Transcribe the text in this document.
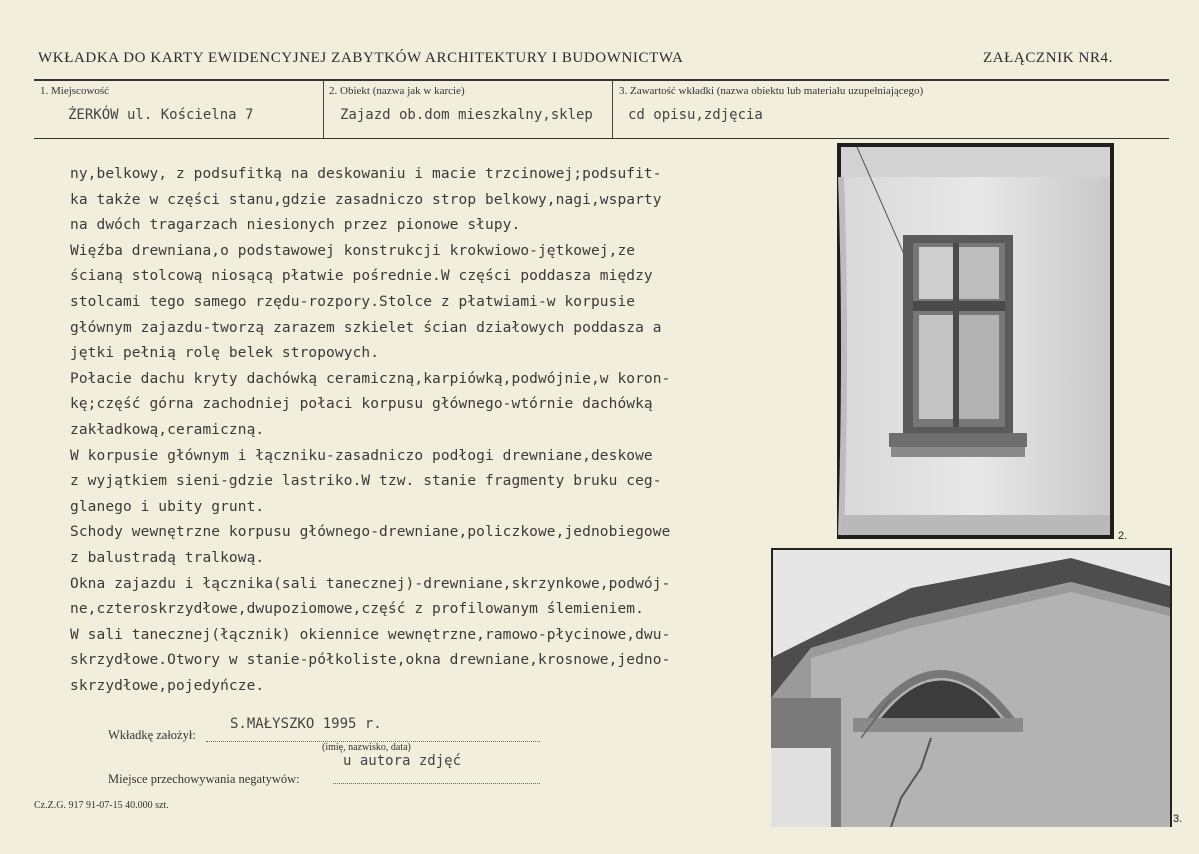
WKŁADKA DO KARTY EWIDENCYJNEJ ZABYTKÓW ARCHITEKTURY I BUDOWNICTWA	ZAŁĄCZNIK NR4.
1. Miejscowość
ŻERKÓW ul. Kościelna 7
2. Obiekt (nazwa jak w karcie)
Zajazd ob.dom mieszkalny,sklep
3. Zawartość wkładki (nazwa obiektu lub materiału uzupełniającego)
cd opisu,zdjęcia
ny,belkowy, z podsufitką na deskowaniu i macie trzcinowej;podsufit-
ka także w części stanu,gdzie zasadniczo strop belkowy,nagi,wsparty
na dwóch tragarzach niesionych przez pionowe słupy.
Więźba drewniana,o podstawowej konstrukcji krokwiowo-jętkowej,ze
ścianą stolcową niosącą płatwie pośrednie.W części poddasza między
stolcami tego samego rzędu-rozpory.Stolce z płatwiami-w korpusie
głównym zajazdu-tworzą zarazem szkielet ścian działowych poddasza a
jętki pełnią rolę belek stropowych.
Połacie dachu kryty dachówką ceramiczną,karpiówką,podwójnie,w koron-
kę;część górna zachodniej połaci korpusu głównego-wtórnie dachówką
zakładkową,ceramiczną.
W korpusie głównym i łączniku-zasadniczo podłogi drewniane,deskowe
z wyjątkiem sieni-gdzie lastriko.W tzw. stanie fragmenty bruku ceg-
glanego i ubity grunt.
Schody wewnętrzne korpusu głównego-drewniane,policzkowe,jednobiegowe
z balustradą tralkową.
Okna zajazdu i łącznika(sali tanecznej)-drewniane,skrzynkowe,podwój-
ne,czteroskrzydłowe,dwupoziomowe,część z profilowanym ślemieniem.
W sali tanecznej(łącznik) okiennice wewnętrzne,ramowo-płycinowe,dwu-
skrzydłowe.Otwory w stanie-półkoliste,okna drewniane,krosnowe,jedno-
skrzydłowe,pojedyńcze.
Wkładkę założył:
S.MAŁYSZKO 1995 r.
(imię, nazwisko, data)
Miejsce przechowywania negatywów:
u autora zdjęć
Cz.Z.G. 917 91-07-15 40.000 szt.
2.
3.
